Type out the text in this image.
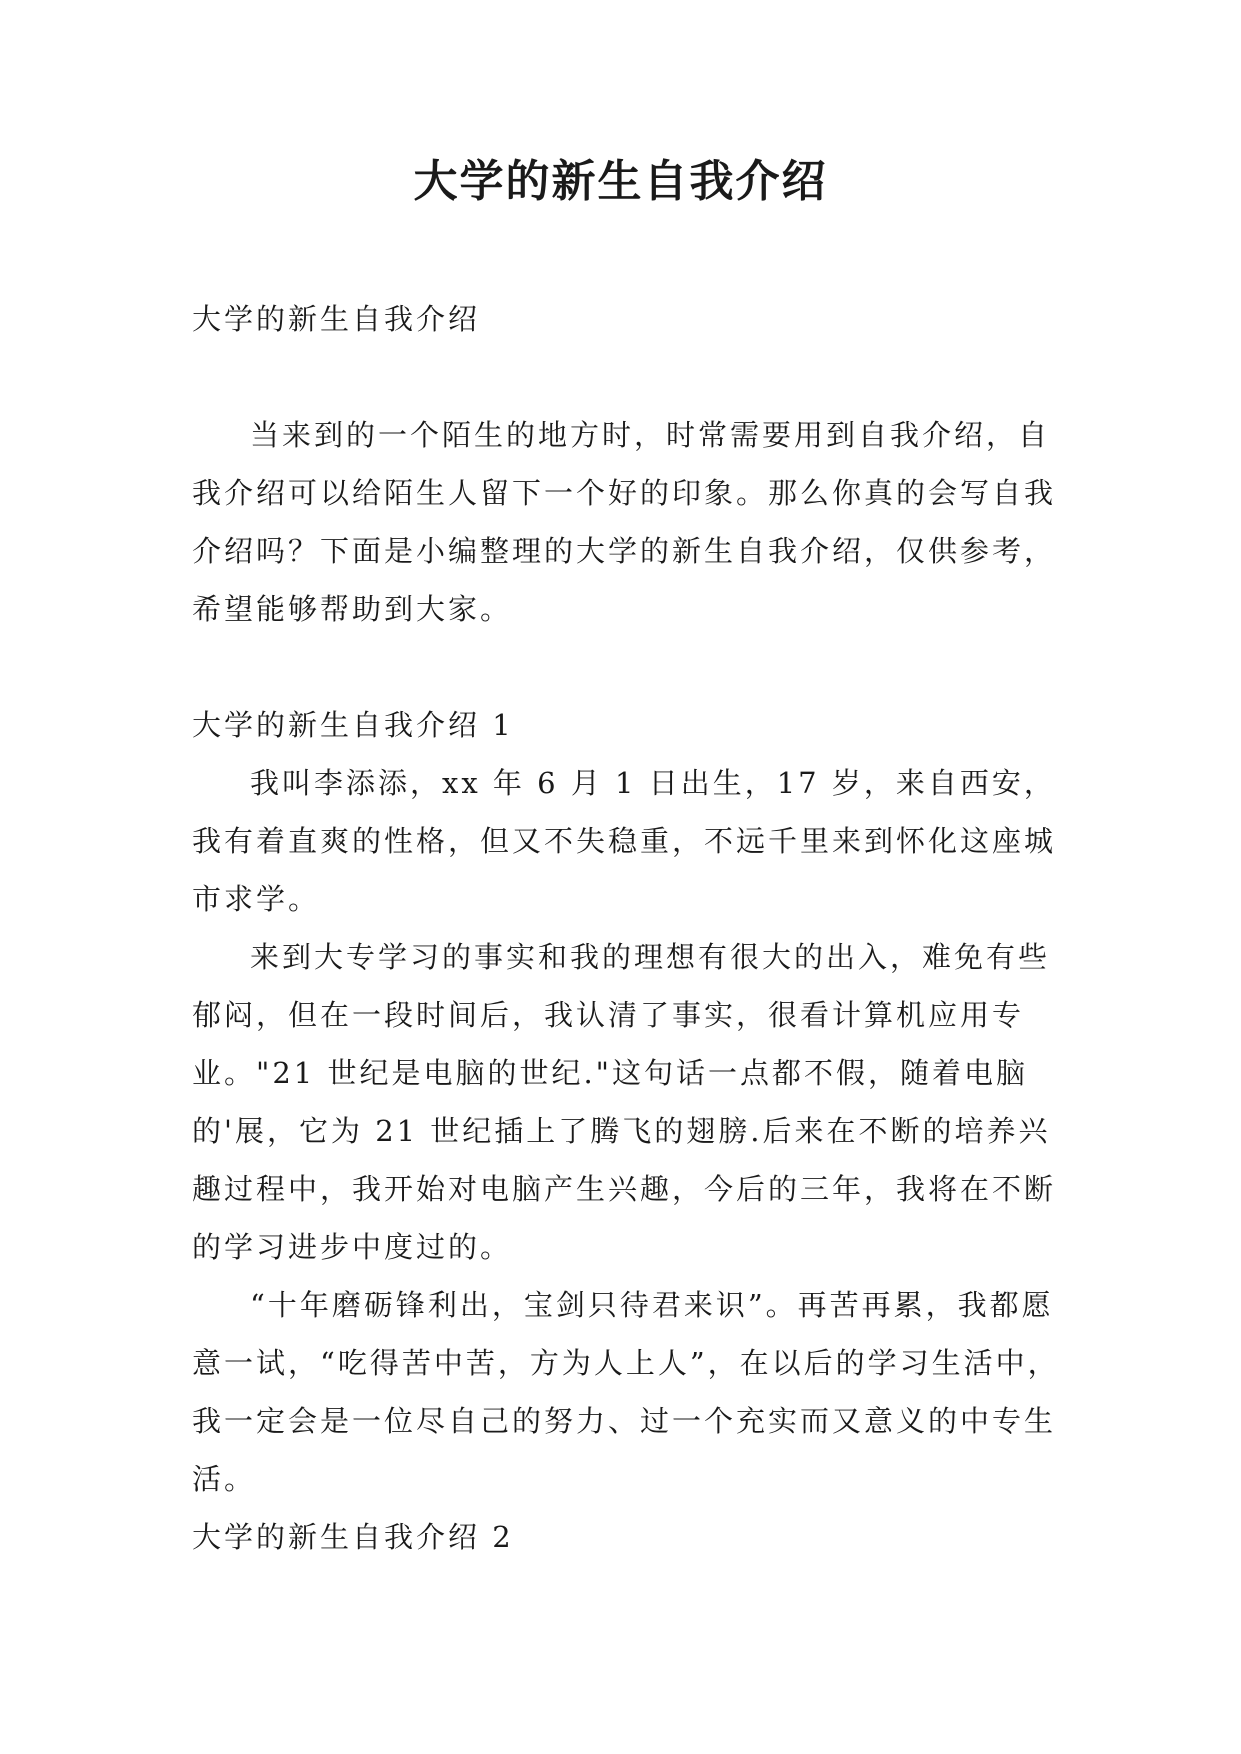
大学的新生自我介绍

大学的新生自我介绍

当来到的一个陌生的地方时，时常需要用到自我介绍，自我介绍可以给陌生人留下一个好的印象。那么你真的会写自我介绍吗？下面是小编整理的大学的新生自我介绍，仅供参考，希望能够帮助到大家。

大学的新生自我介绍 1

我叫李添添，xx 年 6 月 1 日出生，17 岁，来自西安，我有着直爽的性格，但又不失稳重，不远千里来到怀化这座城市求学。

来到大专学习的事实和我的理想有很大的出入，难免有些郁闷，但在一段时间后，我认清了事实，很看计算机应用专业。"21 世纪是电脑的世纪."这句话一点都不假，随着电脑的'展，它为 21 世纪插上了腾飞的翅膀.后来在不断的培养兴趣过程中，我开始对电脑产生兴趣，今后的三年，我将在不断的学习进步中度过的。

“十年磨砺锋利出，宝剑只待君来识”。再苦再累，我都愿意一试，“吃得苦中苦，方为人上人”，在以后的学习生活中，我一定会是一位尽自己的努力、过一个充实而又意义的中专生活。

大学的新生自我介绍 2
